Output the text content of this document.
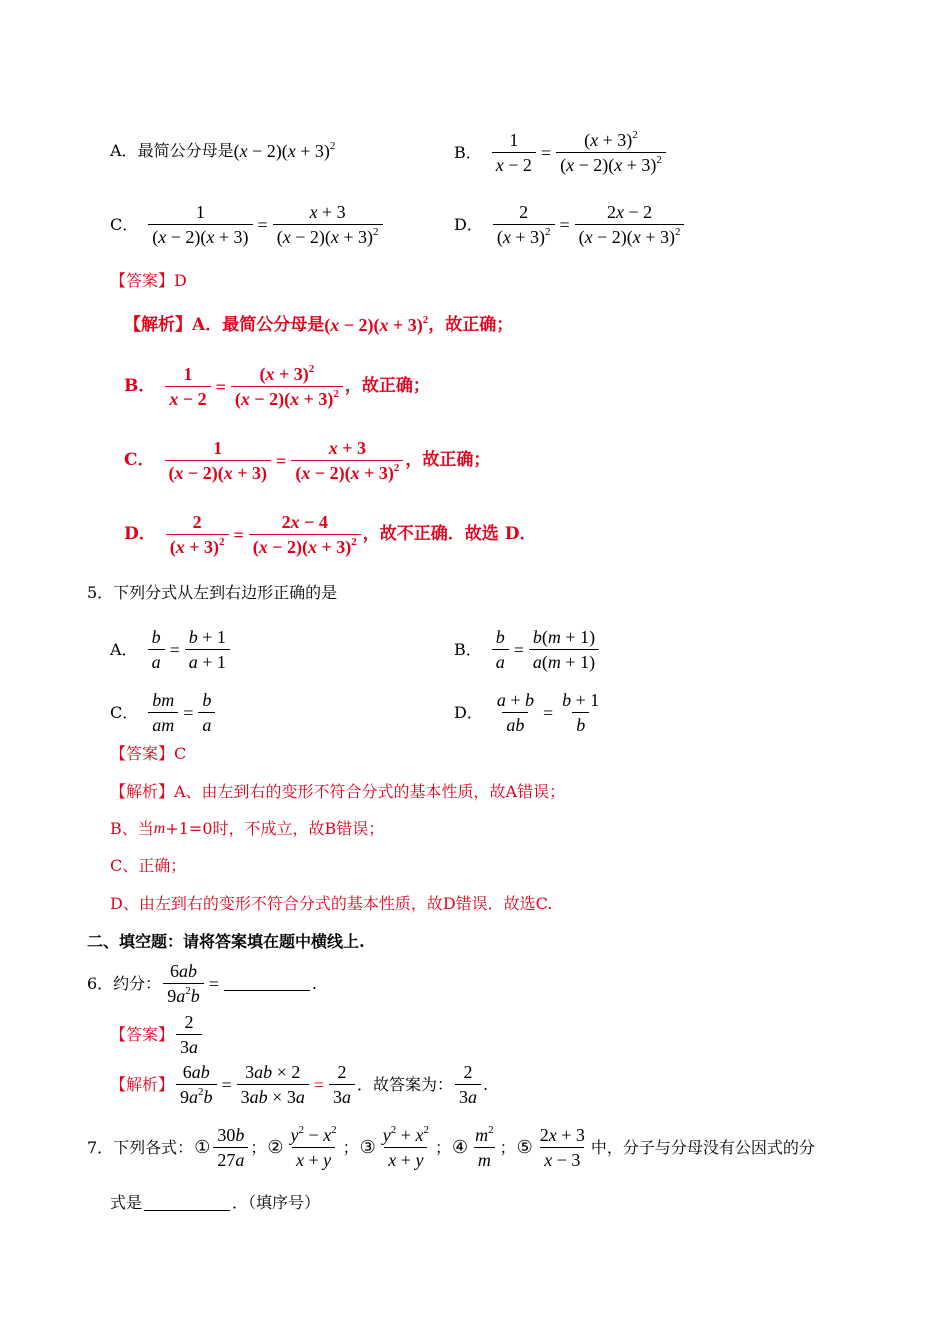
A． 最简公分母是 $(x - 2)(x + 3)^2$	B． $\frac{1}{x - 2} = \frac{(x + 3)^2}{(x - 2)(x + 3)^2}$
C． $\frac{1}{(x - 2)(x + 3)} = \frac{x + 3}{(x - 2)(x + 3)^2}$	D． $\frac{2}{(x + 3)^2} = \frac{2x - 2}{(x - 2)(x + 3)^2}$
【答案】D
【解析】A．最简公分母是 $(x - 2)(x + 3)^2$ ，故正确；
B． $\frac{1}{x - 2} = \frac{(x + 3)^2}{(x - 2)(x + 3)^2}$ ，故正确；
C． $\frac{1}{(x - 2)(x + 3)} = \frac{x + 3}{(x - 2)(x + 3)^2}$ ，故正确；
D． $\frac{2}{(x + 3)^2} = \frac{2x - 4}{(x - 2)(x + 3)^2}$ ，故不正确．故选 D．
5．下列分式从左到右边形正确的是
A． $\frac{b}{a} = \frac{b + 1}{a + 1}$	B． $\frac{b}{a} = \frac{b(m + 1)}{a(m + 1)}$
C． $\frac{bm}{am} = \frac{b}{a}$	D． $\frac{a + b}{ab} = \frac{b + 1}{b}$
【答案】C
【解析】A、由左到右的变形不符合分式的基本性质，故A错误；
B、当 m +1=0时，不成立，故B错误；
C、正确；
D、由左到右的变形不符合分式的基本性质，故D错误．故选C.
二、填空题：请将答案填在题中横线上.
6．约分： $\frac{6ab}{9a^2b}$ =	.
【答案】 $\frac{2}{3a}$
【解析】 $\frac{6ab}{9a^2b} = \frac{3ab \times 2}{3ab \times 3a} = \frac{2}{3a}$ ．故答案为： $\frac{2}{3a}$ .
7．下列各式： ① $\frac{30b}{27a}$ ； ② $\frac{y^2 - x^2}{x + y}$ ； ③ $\frac{y^2 + x^2}{x + y}$ ； ④ $\frac{m^2}{m}$ ； ⑤ $\frac{2x + 3}{x - 3}$ 中，分子与分母没有公因式的分
式是	．（填序号）
